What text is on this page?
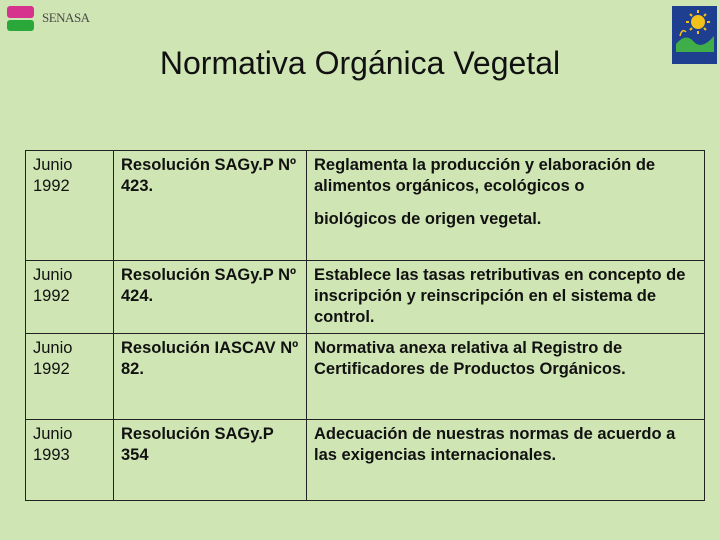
SENASA
Normativa Orgánica Vegetal
Junio 1992	Resolución SAGy.P Nº 423.	Reglamenta la producción y elaboración de alimentos orgánicos, ecológicos o
biológicos de origen vegetal.
Junio 1992	Resolución SAGy.P Nº 424.	Establece las tasas retributivas en concepto de inscripción y reinscripción en el sistema de control.
Junio 1992	Resolución IASCAV Nº 82.	Normativa anexa relativa al Registro de Certificadores de Productos Orgánicos.
Junio 1993	Resolución SAGy.P 354	Adecuación de nuestras normas de acuerdo a las exigencias internacionales.
